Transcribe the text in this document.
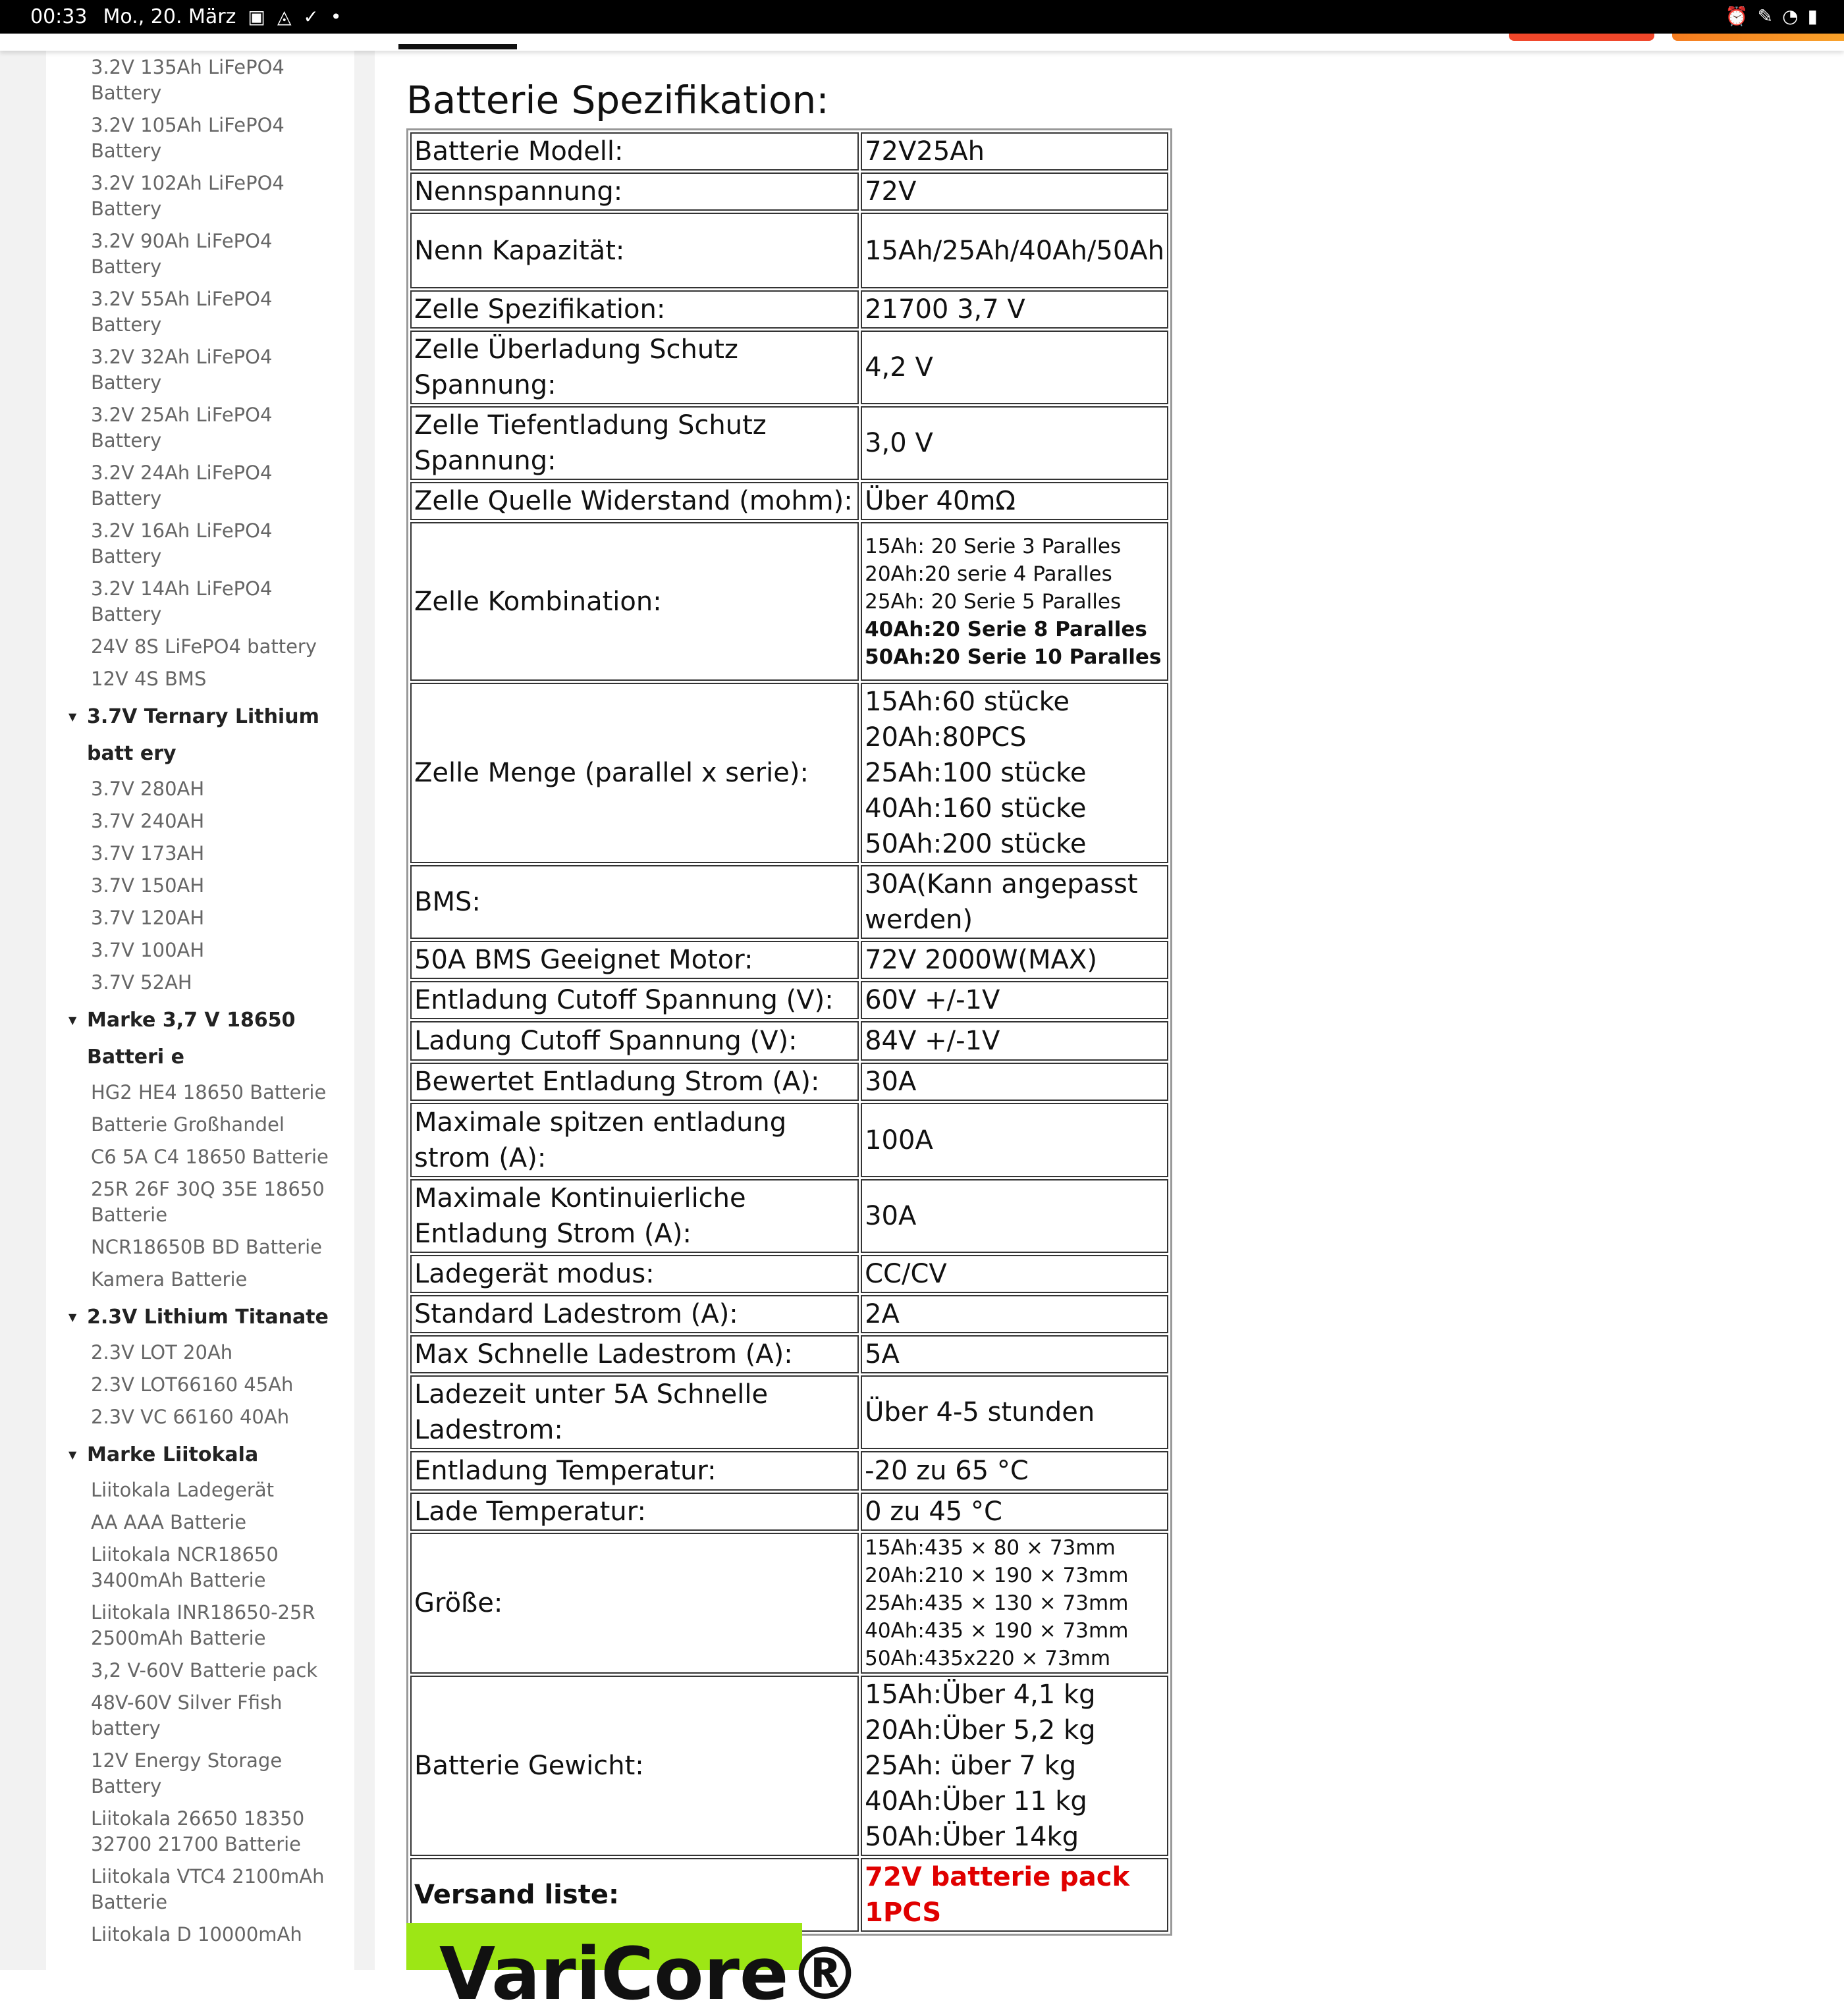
00:33 Mo., 20. März ▣ ◬ ✓ •	⏰ ✎ ◔ ▮
3.2V 135Ah LiFePO4 Battery
3.2V 105Ah LiFePO4 Battery
3.2V 102Ah LiFePO4 Battery
3.2V 90Ah LiFePO4 Battery
3.2V 55Ah LiFePO4 Battery
3.2V 32Ah LiFePO4 Battery
3.2V 25Ah LiFePO4 Battery
3.2V 24Ah LiFePO4 Battery
3.2V 16Ah LiFePO4 Battery
3.2V 14Ah LiFePO4 Battery
24V 8S LiFePO4 battery
12V 4S BMS
▼ 3.7V Ternary Lithium batt ery
3.7V 280AH
3.7V 240AH
3.7V 173AH
3.7V 150AH
3.7V 120AH
3.7V 100AH
3.7V 52AH
▼ Marke 3,7 V 18650 Batteri e
HG2 HE4 18650 Batterie
Batterie Großhandel
C6 5A C4 18650 Batterie
25R 26F 30Q 35E 18650 Batterie
NCR18650B BD Batterie
Kamera Batterie
▼ 2.3V Lithium Titanate
2.3V LOT 20Ah
2.3V LOT66160 45Ah
2.3V VC 66160 40Ah
▼ Marke Liitokala
Liitokala Ladegerät
AA AAA Batterie
Liitokala NCR18650 3400mAh Batterie
Liitokala INR18650-25R 2500mAh Batterie
3,2 V-60V Batterie pack
48V-60V Silver Ffish battery
12V Energy Storage Battery
Liitokala 26650 18350 32700 21700 Batterie
Liitokala VTC4 2100mAh Batterie
Liitokala D 10000mAh
Batterie Spezifikation:
Batterie Modell:	72V25Ah

Nennspannung:	72V

Nenn Kapazität:	15Ah/25Ah/40Ah/50Ah

Zelle Spezifikation:	21700 3,7 V

Zelle Überladung Schutz Spannung:	4,2 V

Zelle Tiefentladung Schutz Spannung:	3,0 V

Zelle Quelle Widerstand (mohm):	Über 40mΩ

Zelle Kombination:	15Ah: 20 Serie 3 Paralles
20Ah:20 serie 4 Paralles
25Ah: 20 Serie 5 Paralles
40Ah:20 Serie 8 Paralles
50Ah:20 Serie 10 Paralles

Zelle Menge (parallel x serie):	15Ah:60 stücke
20Ah:80PCS
25Ah:100 stücke
40Ah:160 stücke
50Ah:200 stücke

BMS:	30A(Kann angepasst werden)

50A BMS Geeignet Motor:	72V 2000W(MAX)

Entladung Cutoff Spannung (V):	60V +/-1V

Ladung Cutoff Spannung (V):	84V +/-1V

Bewertet Entladung Strom (A):	30A

Maximale spitzen entladung strom (A):	100A

Maximale Kontinuierliche Entladung Strom (A):	30A

Ladegerät modus:	CC/CV

Standard Ladestrom (A):	2A

Max Schnelle Ladestrom (A):	5A

Ladezeit unter 5A Schnelle Ladestrom:	Über 4-5 stunden

Entladung Temperatur:	-20 zu 65 °C

Lade Temperatur:	0 zu 45 °C

Größe:	15Ah:435 × 80 × 73mm
20Ah:210 × 190 × 73mm
25Ah:435 × 130 × 73mm
40Ah:435 × 190 × 73mm
50Ah:435x220 × 73mm

Batterie Gewicht:	15Ah:Über 4,1 kg
20Ah:Über 5,2 kg
25Ah: über 7 kg
40Ah:Über 11 kg
50Ah:Über 14kg

Versand liste:	72V batterie pack 1PCS
VariCore®
